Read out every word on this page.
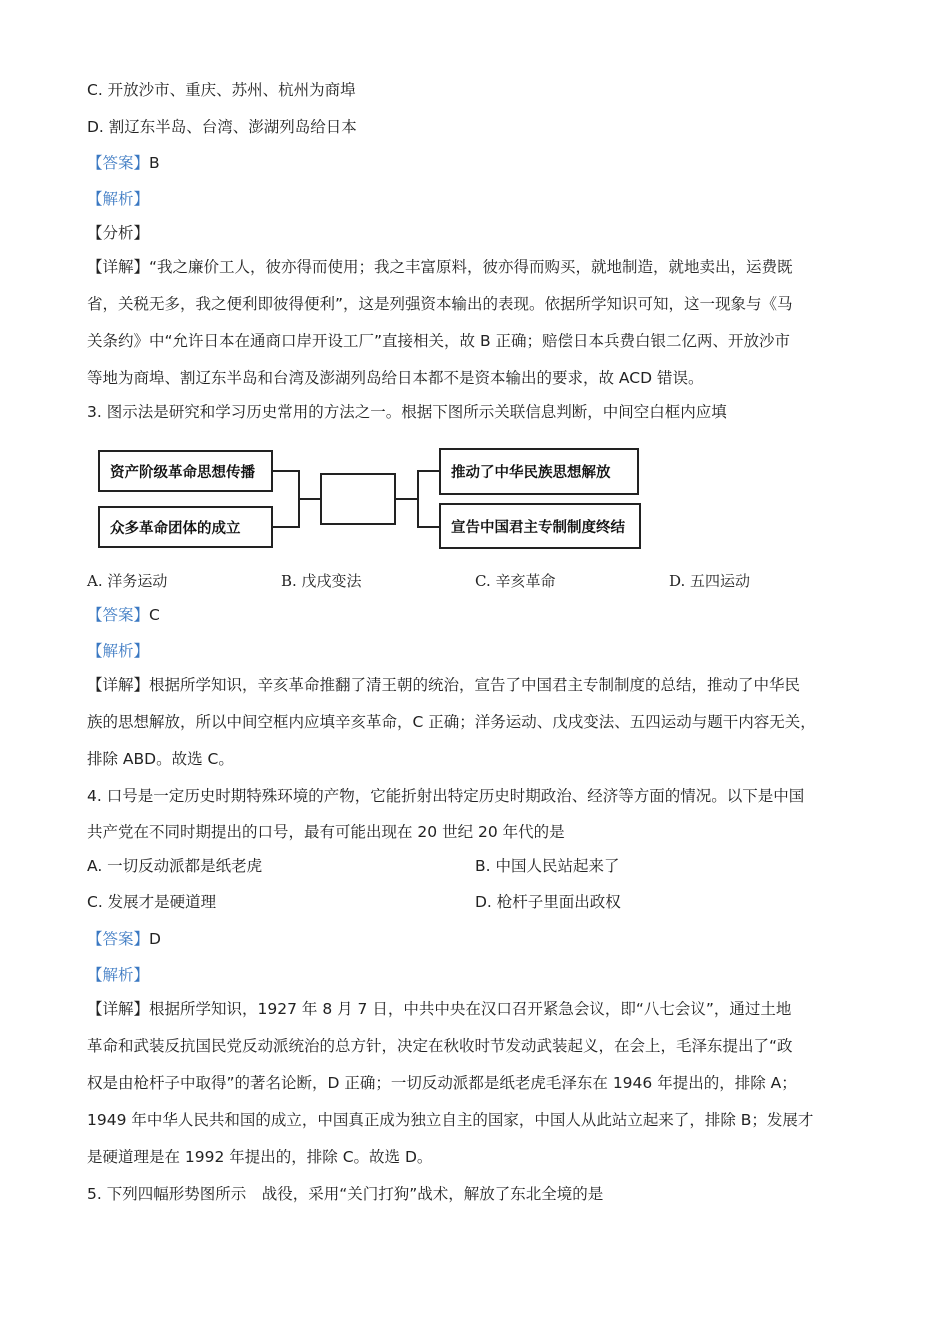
C. 开放沙市、重庆、苏州、杭州为商埠
D. 割辽东半岛、台湾、澎湖列岛给日本
【答案】B
【解析】
【分析】
【详解】“我之廉价工人，彼亦得而使用；我之丰富原料，彼亦得而购买，就地制造，就地卖出，运费既
省，关税无多，我之便利即彼得便利”，这是列强资本输出的表现。依据所学知识可知，这一现象与《马
关条约》中“允许日本在通商口岸开设工厂”直接相关，故 B 正确；赔偿日本兵费白银二亿两、开放沙市
等地为商埠、割辽东半岛和台湾及澎湖列岛给日本都不是资本输出的要求，故 ACD 错误。
3. 图示法是研究和学习历史常用的方法之一。根据下图所示关联信息判断，中间空白框内应填
资产阶级革命思想传播
众多革命团体的成立
推动了中华民族思想解放
宣告中国君主专制制度终结
A. 洋务运动	B. 戊戌变法	C. 辛亥革命	D. 五四运动
【答案】C
【解析】
【详解】根据所学知识，辛亥革命推翻了清王朝的统治，宣告了中国君主专制制度的总结，推动了中华民
族的思想解放，所以中间空框内应填辛亥革命，C 正确；洋务运动、戊戌变法、五四运动与题干内容无关，
排除 ABD。故选 C。
4. 口号是一定历史时期特殊环境的产物，它能折射出特定历史时期政治、经济等方面的情况。以下是中国
共产党在不同时期提出的口号，最有可能出现在 20 世纪 20 年代的是
A. 一切反动派都是纸老虎	B. 中国人民站起来了
C. 发展才是硬道理	D. 枪杆子里面出政权
【答案】D
【解析】
【详解】根据所学知识，1927 年 8 月 7 日，中共中央在汉口召开紧急会议，即“八七会议”，通过土地
革命和武装反抗国民党反动派统治的总方针，决定在秋收时节发动武装起义，在会上，毛泽东提出了“政
权是由枪杆子中取得”的著名论断，D 正确；一切反动派都是纸老虎毛泽东在 1946 年提出的，排除 A；
1949 年中华人民共和国的成立，中国真正成为独立自主的国家，中国人从此站立起来了，排除 B；发展才
是硬道理是在 1992 年提出的，排除 C。故选 D。
5. 下列四幅形势图所示　战役，采用“关门打狗”战术，解放了东北全境的是
